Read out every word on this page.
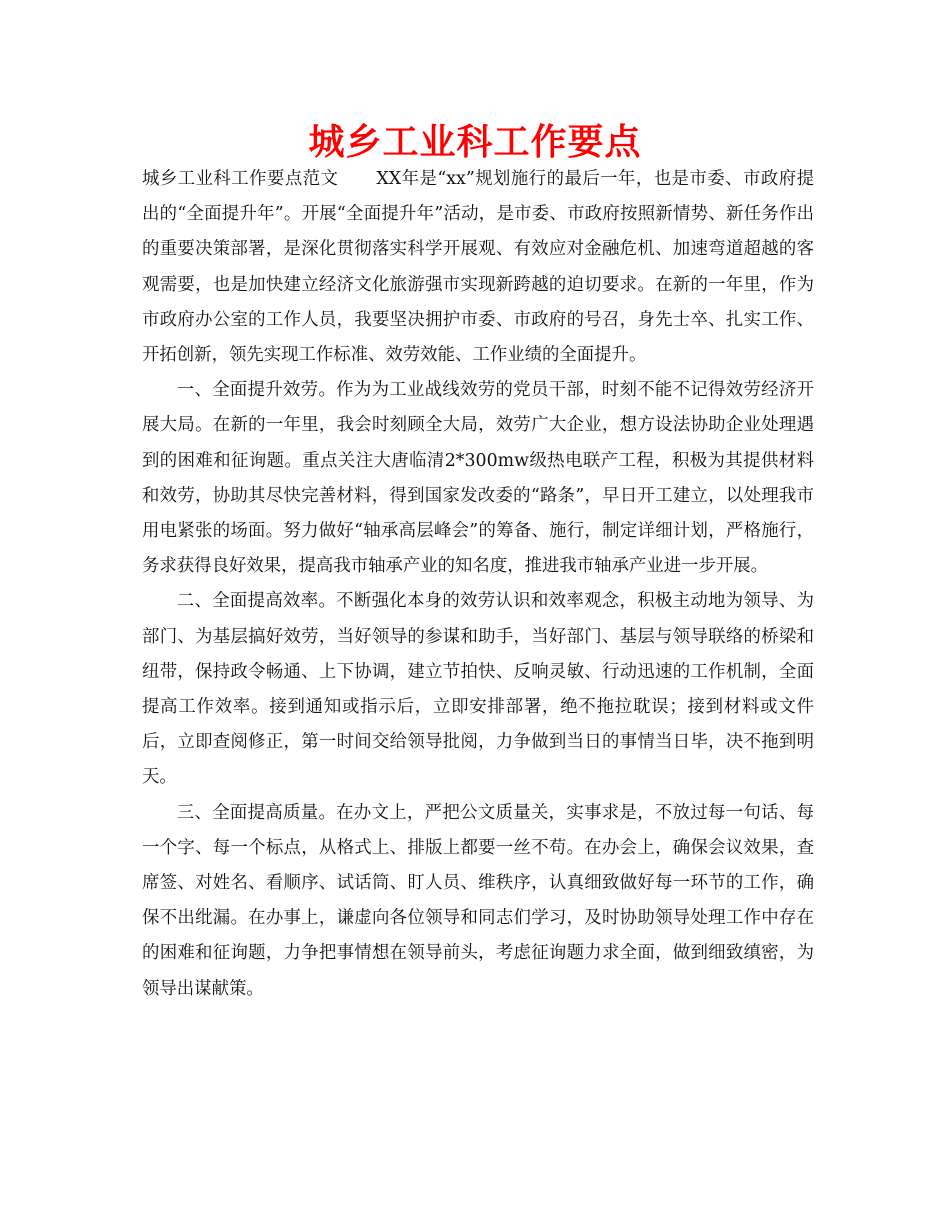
城乡工业科工作要点

城乡工业科工作要点范文 XX年是“xx”规划施行的最后一年，也是市委、市政府提出的“全面提升年”。开展“全面提升年”活动，是市委、市政府按照新情势、新任务作出的重要决策部署，是深化贯彻落实科学开展观、有效应对金融危机、加速弯道超越的客观需要，也是加快建立经济文化旅游强市实现新跨越的迫切要求。在新的一年里，作为市政府办公室的工作人员，我要坚决拥护市委、市政府的号召，身先士卒、扎实工作、开拓创新，领先实现工作标准、效劳效能、工作业绩的全面提升。

一、全面提升效劳。作为为工业战线效劳的党员干部，时刻不能不记得效劳经济开展大局。在新的一年里，我会时刻顾全大局，效劳广大企业，想方设法协助企业处理遇到的困难和征询题。重点关注大唐临清2*300mw级热电联产工程，积极为其提供材料和效劳，协助其尽快完善材料，得到国家发改委的“路条”，早日开工建立，以处理我市用电紧张的场面。努力做好“轴承高层峰会”的筹备、施行，制定详细计划，严格施行，务求获得良好效果，提高我市轴承产业的知名度，推进我市轴承产业进一步开展。

二、全面提高效率。不断强化本身的效劳认识和效率观念，积极主动地为领导、为部门、为基层搞好效劳，当好领导的参谋和助手，当好部门、基层与领导联络的桥梁和纽带，保持政令畅通、上下协调，建立节拍快、反响灵敏、行动迅速的工作机制，全面提高工作效率。接到通知或指示后，立即安排部署，绝不拖拉耽误；接到材料或文件后，立即查阅修正，第一时间交给领导批阅，力争做到当日的事情当日毕，决不拖到明天。

三、全面提高质量。在办文上，严把公文质量关，实事求是，不放过每一句话、每一个字、每一个标点，从格式上、排版上都要一丝不苟。在办会上，确保会议效果，查席签、对姓名、看顺序、试话筒、盯人员、维秩序，认真细致做好每一环节的工作，确保不出纰漏。在办事上，谦虚向各位领导和同志们学习，及时协助领导处理工作中存在的困难和征询题，力争把事情想在领导前头，考虑征询题力求全面，做到细致缜密，为领导出谋献策。
